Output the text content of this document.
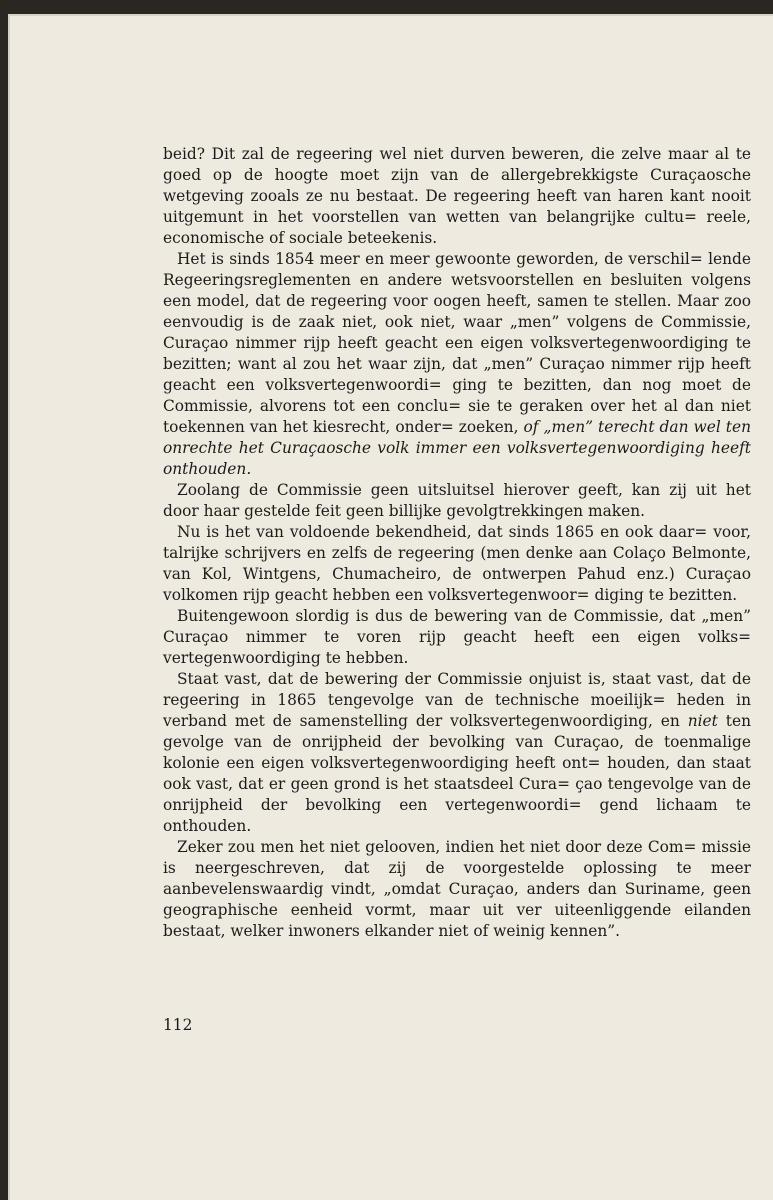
beid? Dit zal de regeering wel niet durven beweren, die zelve maar al te goed op de hoogte moet zijn van de allergebrekkigste Curaçaosche wetgeving zooals ze nu bestaat. De regeering heeft van haren kant nooit uitgemunt in het voorstellen van wetten van belangrijke cultu= reele, economische of sociale beteekenis.

Het is sinds 1854 meer en meer gewoonte geworden, de verschil= lende Regeeringsreglementen en andere wetsvoorstellen en besluiten volgens een model, dat de regeering voor oogen heeft, samen te stellen. Maar zoo eenvoudig is de zaak niet, ook niet, waar „men” volgens de Commissie, Curaçao nimmer rijp heeft geacht een eigen volksvertegenwoordiging te bezitten; want al zou het waar zijn, dat „men” Curaçao nimmer rijp heeft geacht een volksvertegenwoordi= ging te bezitten, dan nog moet de Commissie, alvorens tot een conclu= sie te geraken over het al dan niet toekennen van het kiesrecht, onder= zoeken, of „men” terecht dan wel ten onrechte het Curaçaosche volk immer een volksvertegenwoordiging heeft onthouden.

Zoolang de Commissie geen uitsluitsel hierover geeft, kan zij uit het door haar gestelde feit geen billijke gevolgtrekkingen maken.

Nu is het van voldoende bekendheid, dat sinds 1865 en ook daar= voor, talrijke schrijvers en zelfs de regeering (men denke aan Colaço Belmonte, van Kol, Wintgens, Chumacheiro, de ontwerpen Pahud enz.) Curaçao volkomen rijp geacht hebben een volksvertegenwoor= diging te bezitten.

Buitengewoon slordig is dus de bewering van de Commissie, dat „men” Curaçao nimmer te voren rijp geacht heeft een eigen volks= vertegenwoordiging te hebben.

Staat vast, dat de bewering der Commissie onjuist is, staat vast, dat de regeering in 1865 tengevolge van de technische moeilijk= heden in verband met de samenstelling der volksvertegenwoordiging, en niet ten gevolge van de onrijpheid der bevolking van Curaçao, de toenmalige kolonie een eigen volksvertegenwoordiging heeft ont= houden, dan staat ook vast, dat er geen grond is het staatsdeel Cura= çao tengevolge van de onrijpheid der bevolking een vertegenwoordi= gend lichaam te onthouden.

Zeker zou men het niet gelooven, indien het niet door deze Com= missie is neergeschreven, dat zij de voorgestelde oplossing te meer aanbevelenswaardig vindt, „omdat Curaçao, anders dan Suriname, geen geographische eenheid vormt, maar uit ver uiteenliggende eilanden bestaat, welker inwoners elkander niet of weinig kennen”.

112
